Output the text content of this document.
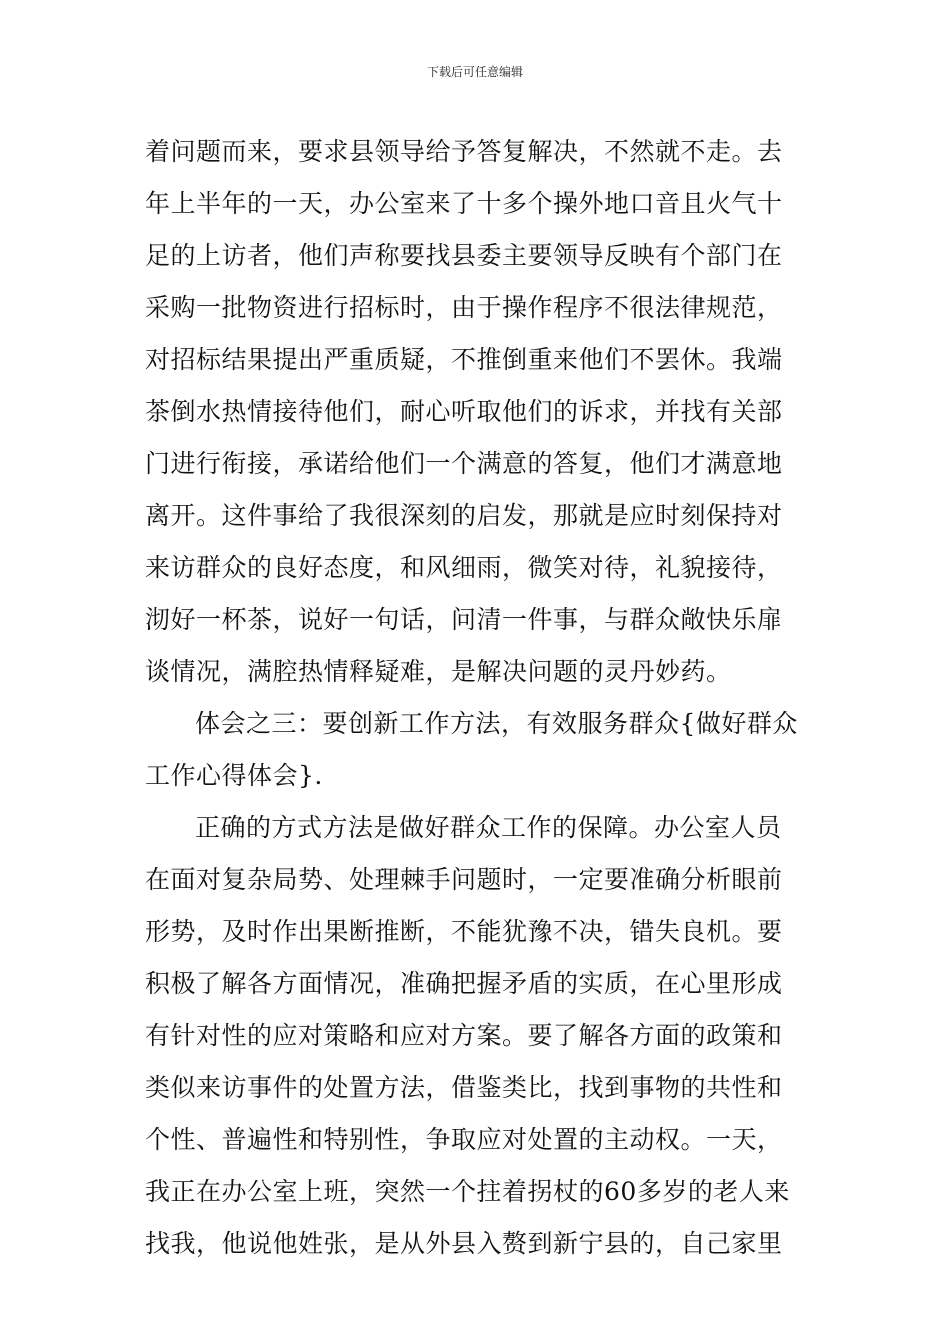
下载后可任意编辑
着问题而来，要求县领导给予答复解决，不然就不走。去
年上半年的一天，办公室来了十多个操外地口音且火气十
足的上访者，他们声称要找县委主要领导反映有个部门在
采购一批物资进行招标时，由于操作程序不很法律规范，
对招标结果提出严重质疑，不推倒重来他们不罢休。我端
茶倒水热情接待他们，耐心听取他们的诉求，并找有关部
门进行衔接，承诺给他们一个满意的答复，他们才满意地
离开。这件事给了我很深刻的启发，那就是应时刻保持对
来访群众的良好态度，和风细雨，微笑对待，礼貌接待，
沏好一杯茶，说好一句话，问清一件事，与群众敞快乐扉
谈情况，满腔热情释疑难，是解决问题的灵丹妙药。
体会之三：要创新工作方法，有效服务群众{做好群众
工作心得体会}.
正确的方式方法是做好群众工作的保障。办公室人员
在面对复杂局势、处理棘手问题时，一定要准确分析眼前
形势，及时作出果断推断，不能犹豫不决，错失良机。要
积极了解各方面情况，准确把握矛盾的实质，在心里形成
有针对性的应对策略和应对方案。要了解各方面的政策和
类似来访事件的处置方法，借鉴类比，找到事物的共性和
个性、普遍性和特别性，争取应对处置的主动权。一天，
我正在办公室上班，突然一个拄着拐杖的60多岁的老人来
找我，他说他姓张，是从外县入赘到新宁县的，自己家里
